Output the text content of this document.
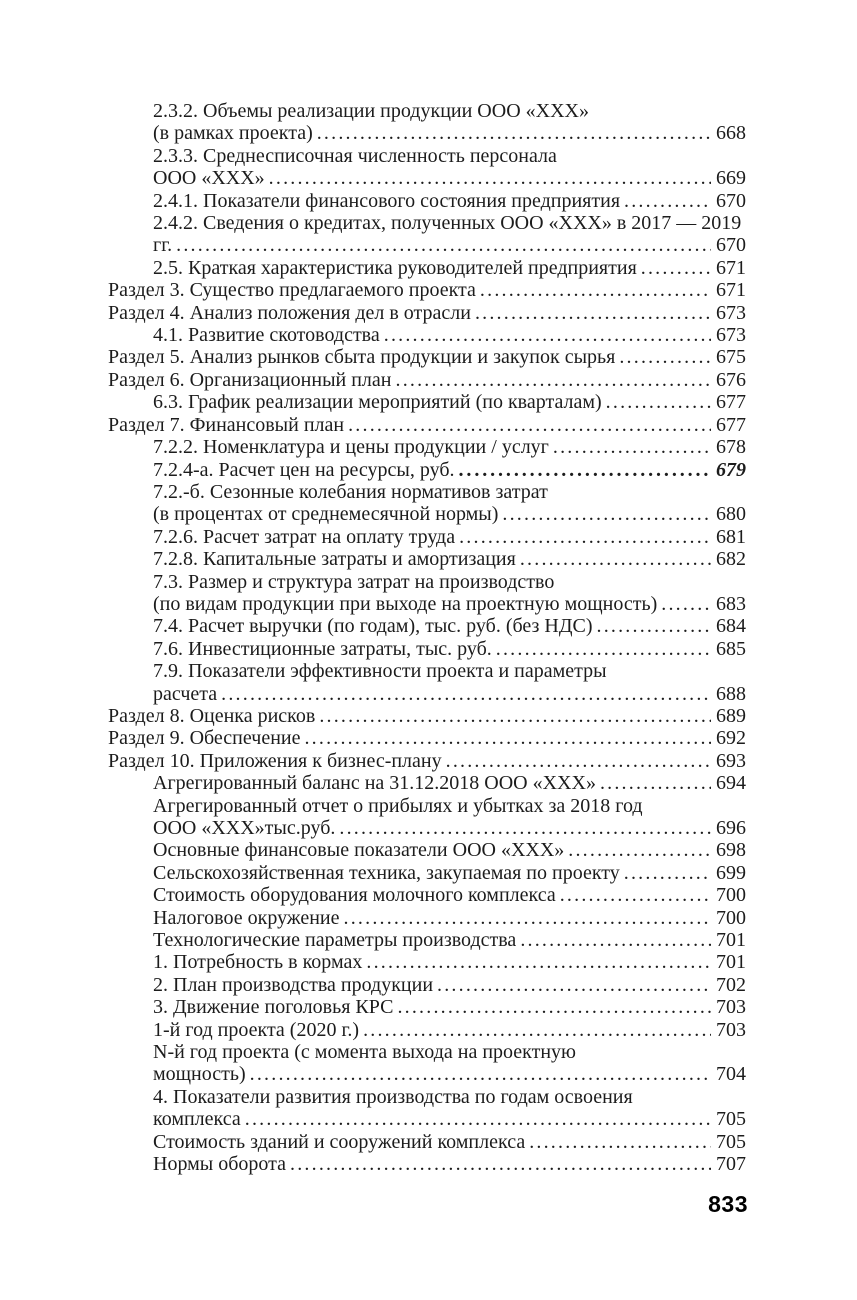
2.3.2. Объемы реализации продукции ООО «ХХХ»
(в рамках проекта) .....	668
2.3.3. Среднесписочная численность персонала
ООО «ХХХ» .....	669
2.4.1. Показатели финансового состояния предприятия .....	670
2.4.2. Сведения о кредитах, полученных ООО «ХХХ» в 2017 — 2019
гг. .....	670
2.5. Краткая характеристика руководителей предприятия .....	671
Раздел 3. Существо предлагаемого проекта .....	671
Раздел 4. Анализ положения дел в отрасли .....	673
4.1. Развитие скотоводства .....	673
Раздел 5. Анализ рынков сбыта продукции и закупок сырья .....	675
Раздел 6. Организационный план .....	676
6.3. График реализации мероприятий (по кварталам) .....	677
Раздел 7. Финансовый план .....	677
7.2.2. Номенклатура и цены продукции / услуг .....	678
7.2.4-а. Расчет цен на ресурсы, руб. .....	679
7.2.-б. Сезонные колебания нормативов затрат
(в процентах от среднемесячной нормы) .....	680
7.2.6. Расчет затрат на оплату труда .....	681
7.2.8. Капитальные затраты и амортизация .....	682
7.3. Размер и структура затрат на производство
(по видам продукции при выходе на проектную мощность) .....	683
7.4. Расчет выручки (по годам), тыс. руб. (без НДС) .....	684
7.6. Инвестиционные затраты, тыс. руб. .....	685
7.9. Показатели эффективности проекта и параметры
расчета .....	688
Раздел 8. Оценка рисков .....	689
Раздел 9. Обеспечение .....	692
Раздел 10. Приложения к бизнес-плану .....	693
Агрегированный баланс на 31.12.2018 ООО «ХХХ» .....	694
Агрегированный отчет о прибылях и убытках за 2018 год
ООО «ХХХ»тыс.руб. .....	696
Основные финансовые показатели ООО «ХХХ» .....	698
Сельскохозяйственная техника, закупаемая по проекту .....	699
Стоимость оборудования молочного комплекса .....	700
Налоговое окружение .....	700
Технологические параметры производства .....	701
1. Потребность в кормах .....	701
2. План производства продукции .....	702
3. Движение поголовья КРС .....	703
1-й год проекта (2020 г.) .....	703
N-й год проекта (с момента выхода на проектную
мощность) .....	704
4. Показатели развития производства по годам освоения
комплекса .....	705
Стоимость зданий и сооружений комплекса .....	705
Нормы оборота .....	707
833
